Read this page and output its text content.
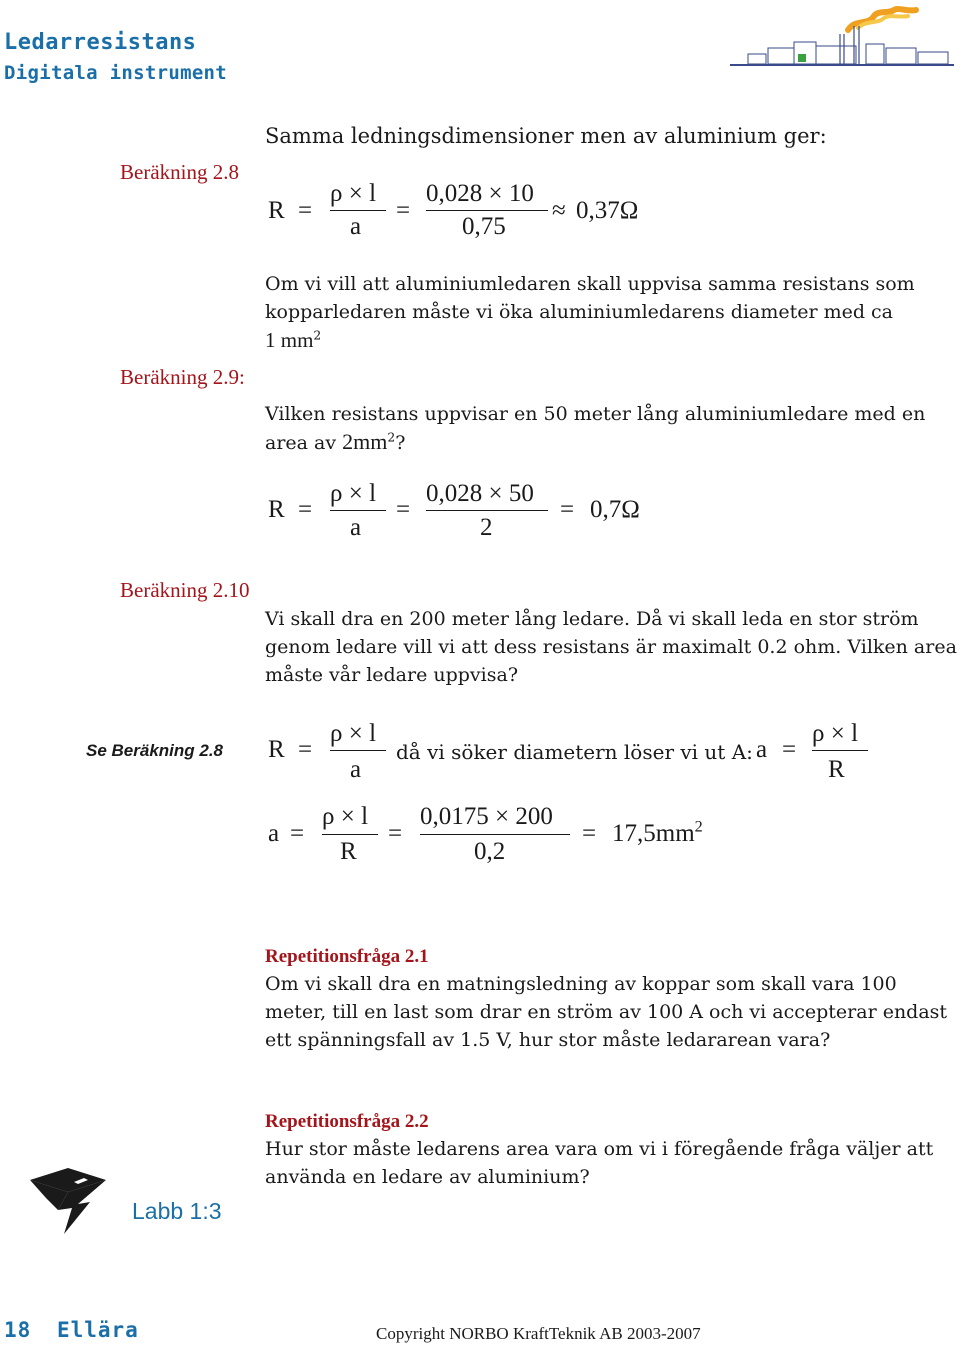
Ledarresistans
Digitala instrument
Beräkning 2.8
Beräkning 2.9:
Beräkning 2.10
Se Beräkning 2.8
Samma ledningsdimensioner men av aluminium ger:
R =
ρ × l
a
=
0,028 × 10
0,75
≈ 0,37Ω
Om vi vill att aluminiumledaren skall uppvisa samma resistans som kopparledaren måste vi öka aluminiumledarens diameter med ca
1 $mm^2$
Vilken resistans uppvisar en 50 meter lång aluminiumledare med en area av $2mm^2$?
R =
ρ × l
a
=
0,028 × 50
2
= 0,7Ω
Vi skall dra en 200 meter lång ledare. Då vi skall leda en stor ström genom ledare vill vi att dess resistans är maximalt 0.2 ohm. Vilken area måste vår ledare uppvisa?
R =
ρ × l
a
då vi söker diametern löser vi ut A: a =
ρ × l
R
a =
ρ × l
R
=
0,0175 × 200
0,2
= $17,5mm^2$
Repetitionsfråga 2.1
Om vi skall dra en matningsledning av koppar som skall vara 100 meter, till en last som drar en ström av 100 A och vi accepterar endast ett spänningsfall av 1.5 V, hur stor måste ledararean vara?
Repetitionsfråga 2.2
Hur stor måste ledarens area vara om vi i föregående fråga väljer att använda en ledare av aluminium?
Labb 1:3
18 Ellära	Copyright NORBO KraftTeknik AB 2003-2007
